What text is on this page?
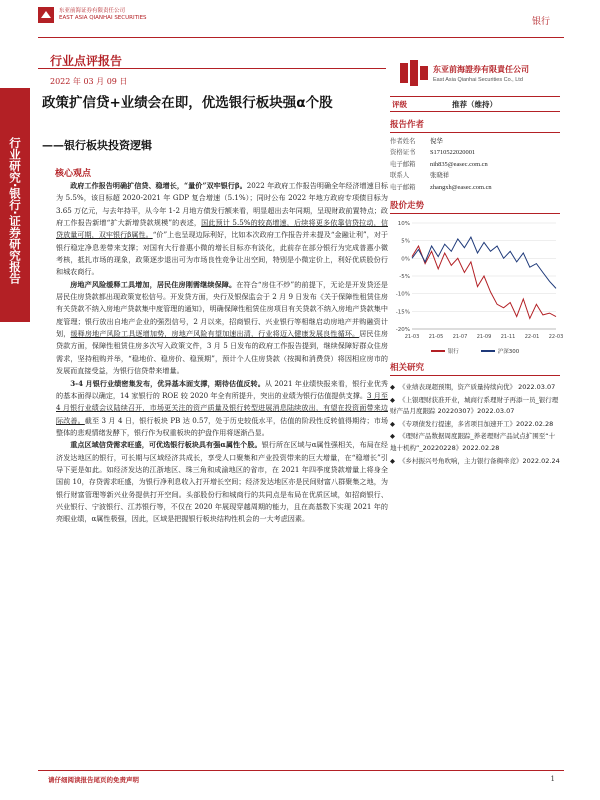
东亚前海证券有限责任公司
EAST ASIA QIANHAI SECURITIES	银行
行业点评报告
2022 年 03 月 09 日
东亚前海證券有限責任公司
East Asia Qianhai Securities Co., Ltd
行业研究·银行·证券研究报告
政策扩信贷+业绩会在即，优选银行板块强α个股
——银行板块投资逻辑
核心观点

政府工作报告明确扩信贷、稳增长，“量价”双牢银行β。2022 年政府工作报告明确全年经济增速目标为 5.5%，该目标超 2020-2021 年 GDP 复合增速（5.1%）；同时公布 2022 年地方政府专项债目标为 3.65 万亿元，与去年持平，从今年 1-2 月地方债发行额来看，明显超出去年同期，呈现财政前置特点；政府工作报告新增“扩大新增贷款规模”的表述，国此预计 5.5%的较高增速，后续将更多依靠信贷拉动，信贷放量可期，双牢银行β属性。“价”上也呈现边际利好，比如本次政府工作报告并未提及“金融让利”，对于银行稳定净息差带来支撑；对国有大行普惠小微的增长目标亦有淡化，此前存在部分银行为完成普惠小微考核，抵扎市场的现象，政策逐步退出可为市场良性竞争让出空间，特别是小微定价上，利好优质股份行和城农商行。

房地产风险缓释工具增加，居民住房刚需继续保障。在符合“房住不炒”的前提下，无论是开发贷还是居民住房贷款都出现政策宽松信号。开发贷方面，央行及银保监会于 2 月 9 日发布《关于保障性租赁住房有关贷款不纳入房地产贷款集中度管理的通知》，明确保障性租赁住房项目有关贷款不纳入房地产贷款集中度管理；银行放出自地产企业的强烈信号，2 月以来，招商银行、兴业银行等相继启动房地产并购融资计划，缓释房地产风险工具逐增加势，房地产风险有望加速出清，行业将迈入健康发展良性循环。居民住房贷款方面，保障性租赁住房多次写入政策文件，3 月 5 日发布的政府工作报告提到，继续保障好群众住房需求，坚持租购并举，“稳地价、稳房价、稳预期”，预计个人住房贷款（按揭和消费贷）将因相应房市的发展而直接受益，为银行信贷带来增量。

3-4 月银行业绩密集发布，优异基本面支撑，期待估值反转。从 2021 年业绩快报来看，银行业优秀的基本面得以确定，14 家银行的 ROE 较 2020 年全有所提升，突出的业绩为银行估值提供支撑。3 月至 4 月银行业绩会议陆续召开，市场更关注的资产质量及银行转型进展消息陆续放出，有望在投资面带来边际改善。截至 3 月 4 日，银行板块 PB 达 0.57，处于历史较低水平，估值的阶段性反转值得期待；市场整体的悲观情绪发酵下，银行作为权重板块的护盘作用将逐渐凸显。

重点区域信贷需求旺盛，可优选银行板块具有强α属性个股。银行所在区域与α属性强相关，布局在经济发达地区的银行，可长期与区域经济共成长，享受人口聚集和产业投资带来的巨大增量，在“稳增长”引导下更是如此。如经济发达的江浙地区、珠三角和成渝地区的省市，在 2021 年四季度贷款增量上将身全国前 10，存贷需求旺盛，为银行净利息收入打开增长空间；经济发达地区亦是民间财富八群聚集之地，为银行财富管理等新兴业务提供打开空间。头部股份行和城商行的共同点是布局在优质区域，如招商银行、兴业银行、宁波银行、江苏银行等，不仅在 2020 年展现穿越周期的能力，且在高基数下实现 2021 年的亮眼业绩，α属性极强，因此，区域是把握银行板块结构性机会的一大考虑因素。

评级	推荐（维持）
报告作者
作者姓名	倪华
资格证书	S1710522020001
电子邮箱	nih835@easec.com.cn
联系人	张晓祥
电子邮箱	zhangxh@easec.com.cn
股价走势
10%
5%
0%
-5%
-10%
-15%
-20%
21-03 21-05 21-07 21-09 21-11 22-01 22-03
银行	沪深300
相关研究
◆ 《业绩表现超预期，资产质量持续向优》 2022.03.07
◆ 《上银理财获准开业，城商行系理财子再添一员_银行理财产品月度跟踪 20220307》2022.03.07
◆ 《专项债发行提速，多省项目加速开工》2022.02.28
◆ 《理财产品数据周度跟踪_养老理财产品试点扩围至“十地十机构”_20220228》2022.02.28
◆ 《乡村振兴号角吹响，主力银行备稠牵竞》2022.02.24
请仔细阅读报告尾页的免责声明	1
